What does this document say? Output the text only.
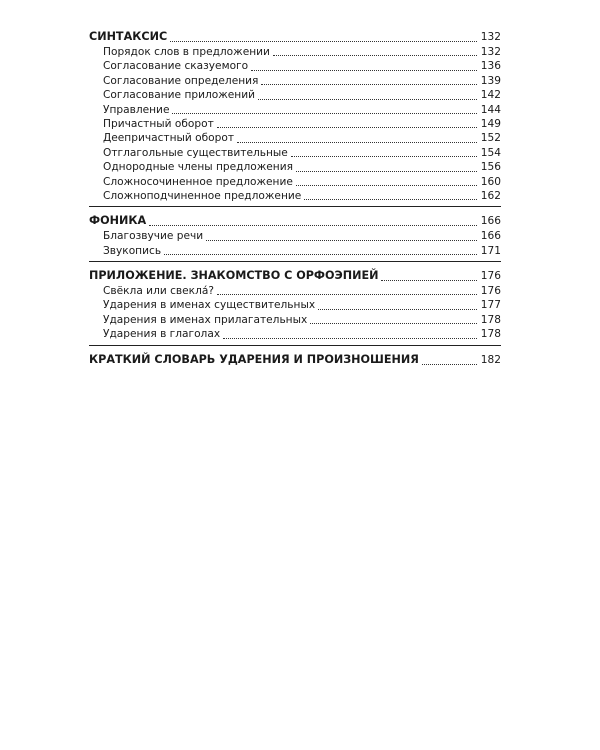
СИНТАКСИС	132
Порядок слов в предложении	132
Согласование сказуемого	136
Согласование определения	139
Согласование приложений	142
Управление	144
Причастный оборот	149
Деепричастный оборот	152
Отглагольные существительные	154
Однородные члены предложения	156
Сложносочиненное предложение	160
Сложноподчиненное предложение	162
ФОНИКА	166
Благозвучие речи	166
Звукопись	171
ПРИЛОЖЕНИЕ. ЗНАКОМСТВО С ОРФОЭПИЕЙ	176
Свёкла или свекла́?	176
Ударения в именах существительных	177
Ударения в именах прилагательных	178
Ударения в глаголах	178
КРАТКИЙ СЛОВАРЬ УДАРЕНИЯ И ПРОИЗНОШЕНИЯ	182
